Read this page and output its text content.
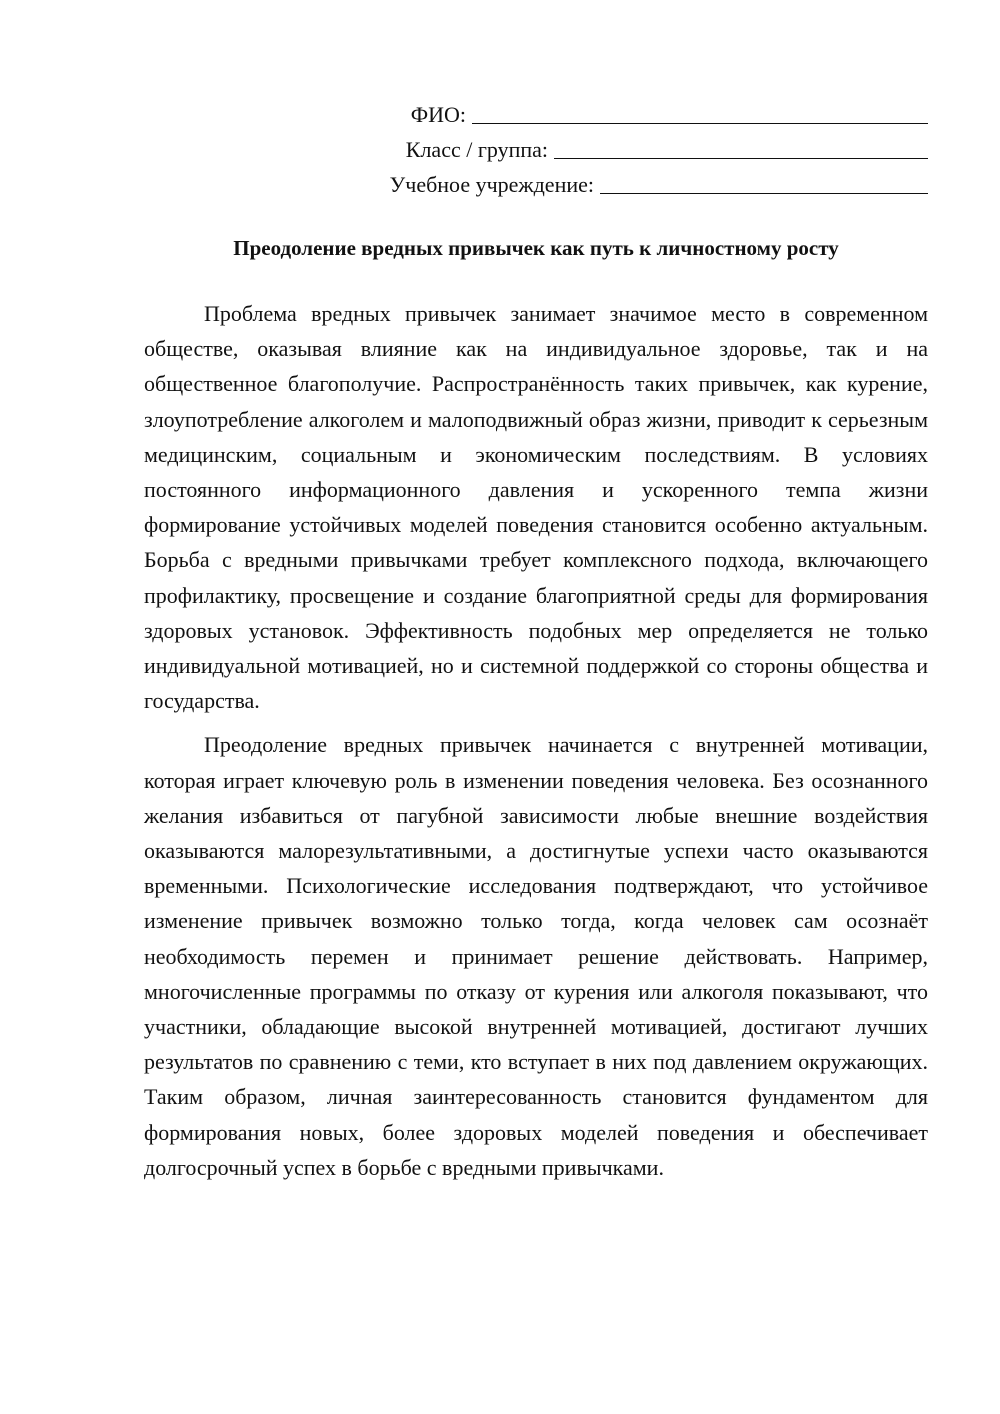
ФИО:
Класс / группа:
Учебное учреждение:
Преодоление вредных привычек как путь к личностному росту

Проблема вредных привычек занимает значимое место в современном обществе, оказывая влияние как на индивидуальное здоровье, так и на общественное благополучие. Распространённость таких привычек, как курение, злоупотребление алкоголем и малоподвижный образ жизни, приводит к серьезным медицинским, социальным и экономическим последствиям. В условиях постоянного информационного давления и ускоренного темпа жизни формирование устойчивых моделей поведения становится особенно актуальным. Борьба с вредными привычками требует комплексного подхода, включающего профилактику, просвещение и создание благоприятной среды для формирования здоровых установок. Эффективность подобных мер определяется не только индивидуальной мотивацией, но и системной поддержкой со стороны общества и государства.

Преодоление вредных привычек начинается с внутренней мотивации, которая играет ключевую роль в изменении поведения человека. Без осознанного желания избавиться от пагубной зависимости любые внешние воздействия оказываются малорезультативными, а достигнутые успехи часто оказываются временными. Психологические исследования подтверждают, что устойчивое изменение привычек возможно только тогда, когда человек сам осознаёт необходимость перемен и принимает решение действовать. Например, многочисленные программы по отказу от курения или алкоголя показывают, что участники, обладающие высокой внутренней мотивацией, достигают лучших результатов по сравнению с теми, кто вступает в них под давлением окружающих. Таким образом, личная заинтересованность становится фундаментом для формирования новых, более здоровых моделей поведения и обеспечивает долгосрочный успех в борьбе с вредными привычками.
